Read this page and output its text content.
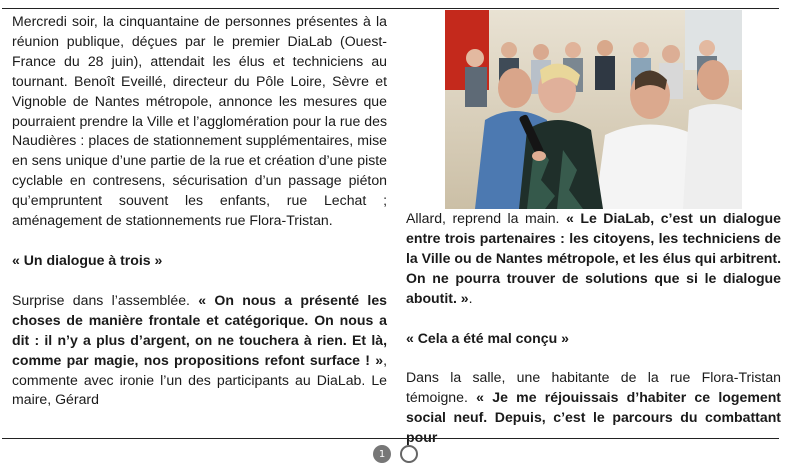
Mercredi soir, la cinquantaine de personnes présentes à la réunion publique, déçues par le premier DiaLab (Ouest-France du 28 juin), attendait les élus et techniciens au tournant. Benoît Eveillé, directeur du Pôle Loire, Sèvre et Vignoble de Nantes métropole, annonce les mesures que pourraient prendre la Ville et l’agglomération pour la rue des Naudières : places de stationnement supplémentaires, mise en sens unique d’une partie de la rue et création d’une piste cyclable en contresens, sécurisation d’un passage piéton qu’empruntent souvent les enfants, rue Lechat ; aménagement de stationnements rue Flora-Tristan.

« Un dialogue à trois »

Surprise dans l’assemblée. « On nous a présenté les choses de manière frontale et catégorique. On nous a dit : il n’y a plus d’argent, on ne touchera à rien. Et là, comme par magie, nos propositions refont surface ! », commente avec ironie l’un des participants au DiaLab. Le maire, Gérard

Allard, reprend la main. « Le DiaLab, c’est un dialogue entre trois partenaires : les citoyens, les techniciens de la Ville ou de Nantes métropole, et les élus qui arbitrent. On ne pourra trouver de solutions que si le dialogue aboutit. ».

« Cela a été mal conçu »

Dans la salle, une habitante de la rue Flora-Tristan témoigne. « Je me réjouissais d’habiter ce logement social neuf. Depuis, c’est le parcours du combattant pour

1
